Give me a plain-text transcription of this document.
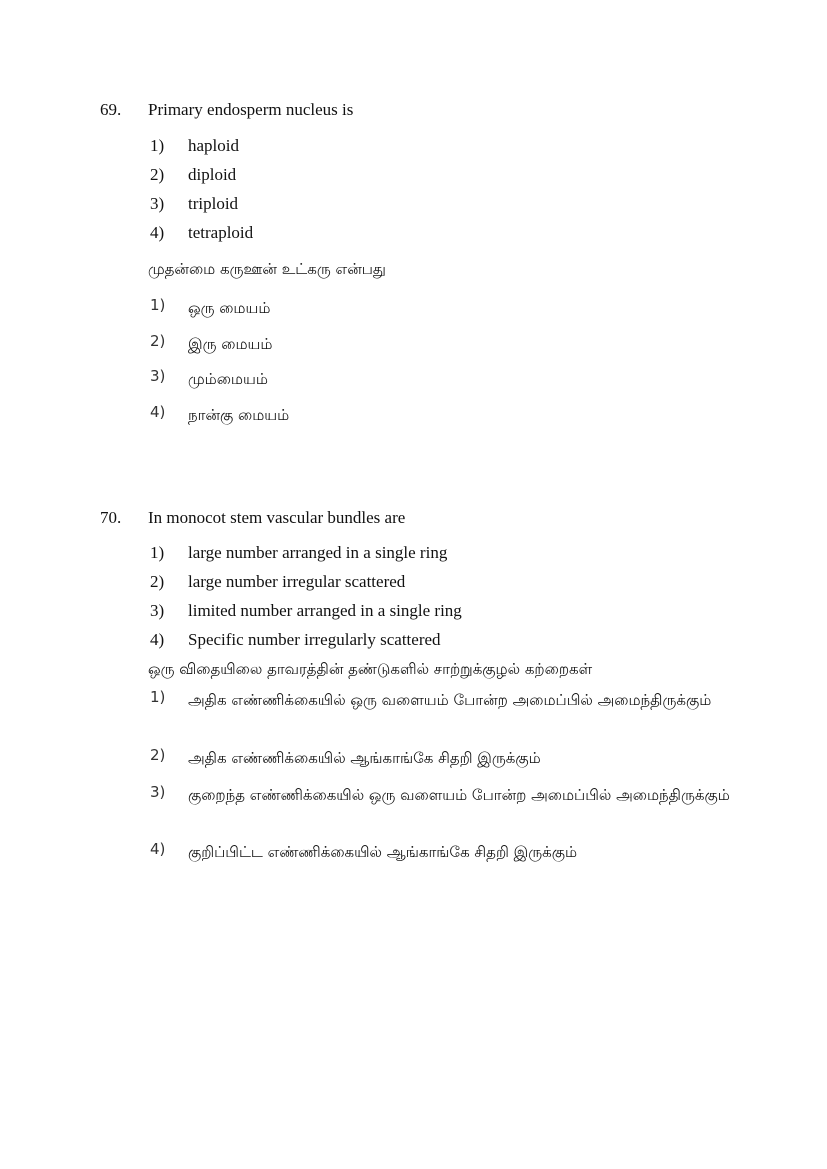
69. Primary endosperm nucleus is
1) haploid
2) diploid
3) triploid
4) tetraploid
முதன்மை கருஊன் உட்கரு என்பது
1) ஒரு மையம்
2) இரு மையம்
3) மும்மையம்
4) நான்கு மையம்
70. In monocot stem vascular bundles are
1) large number arranged in a single ring
2) large number irregular scattered
3) limited number arranged in a single ring
4) Specific number irregularly scattered
ஒரு விதையிலை தாவரத்தின் தண்டுகளில் சாற்றுக்குழல் கற்றைகள்
1) அதிக எண்ணிக்கையில் ஒரு வளையம் போன்ற அமைப்பில் அமைந்திருக்கும்
2) அதிக எண்ணிக்கையில் ஆங்காங்கே சிதறி இருக்கும்
3) குறைந்த எண்ணிக்கையில் ஒரு வளையம் போன்ற அமைப்பில் அமைந்திருக்கும்
4) குறிப்பிட்ட எண்ணிக்கையில் ஆங்காங்கே சிதறி இருக்கும்
